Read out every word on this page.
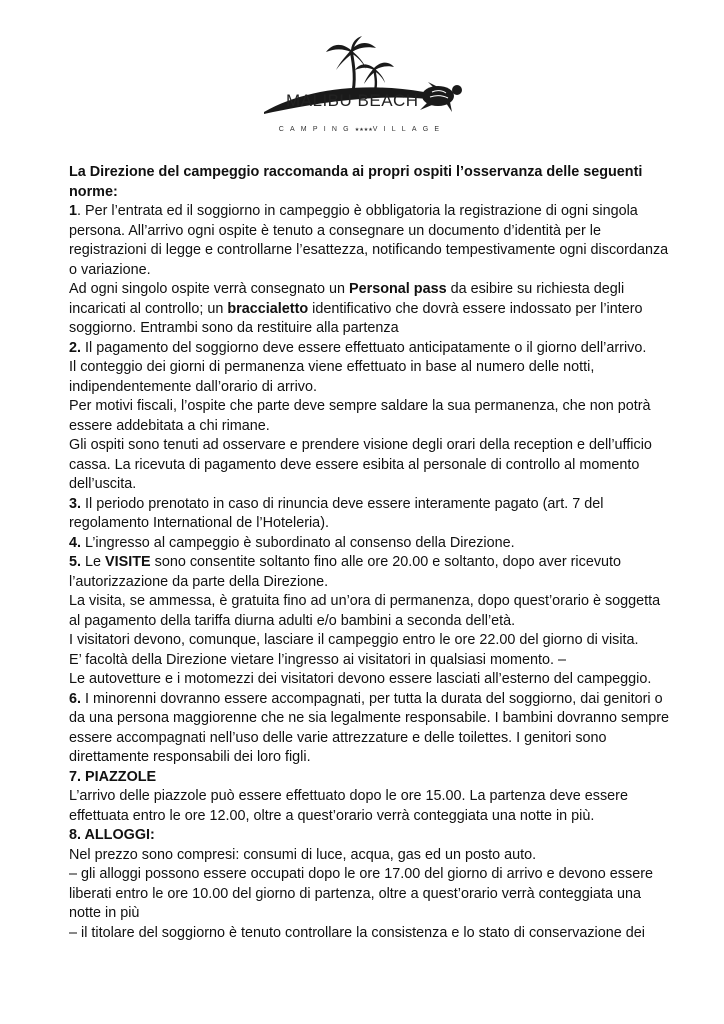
MALIBU BEACH
CAMPING★★★★VILLAGE

La Direzione del campeggio raccomanda ai propri ospiti l’osservanza delle seguenti norme:

1. Per l’entrata ed il soggiorno in campeggio è obbligatoria la registrazione di ogni singola persona. All’arrivo ogni ospite è tenuto a consegnare un documento d’identità per le registrazioni di legge e controllarne l’esattezza, notificando tempestivamente ogni discordanza o variazione.

Ad ogni singolo ospite verrà consegnato un Personal pass da esibire su richiesta degli incaricati al controllo; un braccialetto identificativo che dovrà essere indossato per l’intero soggiorno. Entrambi sono da restituire alla partenza

2. Il pagamento del soggiorno deve essere effettuato anticipatamente o il giorno dell’arrivo.

Il conteggio dei giorni di permanenza viene effettuato in base al numero delle notti, indipendentemente dall’orario di arrivo.

Per motivi fiscali, l’ospite che parte deve sempre saldare la sua permanenza, che non potrà essere addebitata a chi rimane.

Gli ospiti sono tenuti ad osservare e prendere visione degli orari della reception e dell’ufficio cassa. La ricevuta di pagamento deve essere esibita al personale di controllo al momento dell’uscita.

3. Il periodo prenotato in caso di rinuncia deve essere interamente pagato (art. 7 del regolamento International de l’Hoteleria).

4. L’ingresso al campeggio è subordinato al consenso della Direzione.

5. Le VISITE sono consentite soltanto fino alle ore 20.00 e soltanto, dopo aver ricevuto l’autorizzazione da parte della Direzione.

La visita, se ammessa, è gratuita fino ad un’ora di permanenza, dopo quest’orario è soggetta al pagamento della tariffa diurna adulti e/o bambini a seconda dell’età.

I visitatori devono, comunque, lasciare il campeggio entro le ore 22.00 del giorno di visita.

E’ facoltà della Direzione vietare l’ingresso ai visitatori in qualsiasi momento. –

Le autovetture e i motomezzi dei visitatori devono essere lasciati all’esterno del campeggio.

6. I minorenni dovranno essere accompagnati, per tutta la durata del soggiorno, dai genitori o da una persona maggiorenne che ne sia legalmente responsabile. I bambini dovranno sempre essere accompagnati nell’uso delle varie attrezzature e delle toilettes. I genitori sono direttamente responsabili dei loro figli.

7. PIAZZOLE

L’arrivo delle piazzole può essere effettuato dopo le ore 15.00. La partenza deve essere effettuata entro le ore 12.00, oltre a quest’orario verrà conteggiata una notte in più.

8. ALLOGGI:

Nel prezzo sono compresi: consumi di luce, acqua, gas ed un posto auto.

– gli alloggi possono essere occupati dopo le ore 17.00 del giorno di arrivo e devono essere liberati entro le ore 10.00 del giorno di partenza, oltre a quest’orario verrà conteggiata una notte in più

– il titolare del soggiorno è tenuto controllare la consistenza e lo stato di conservazione dei
